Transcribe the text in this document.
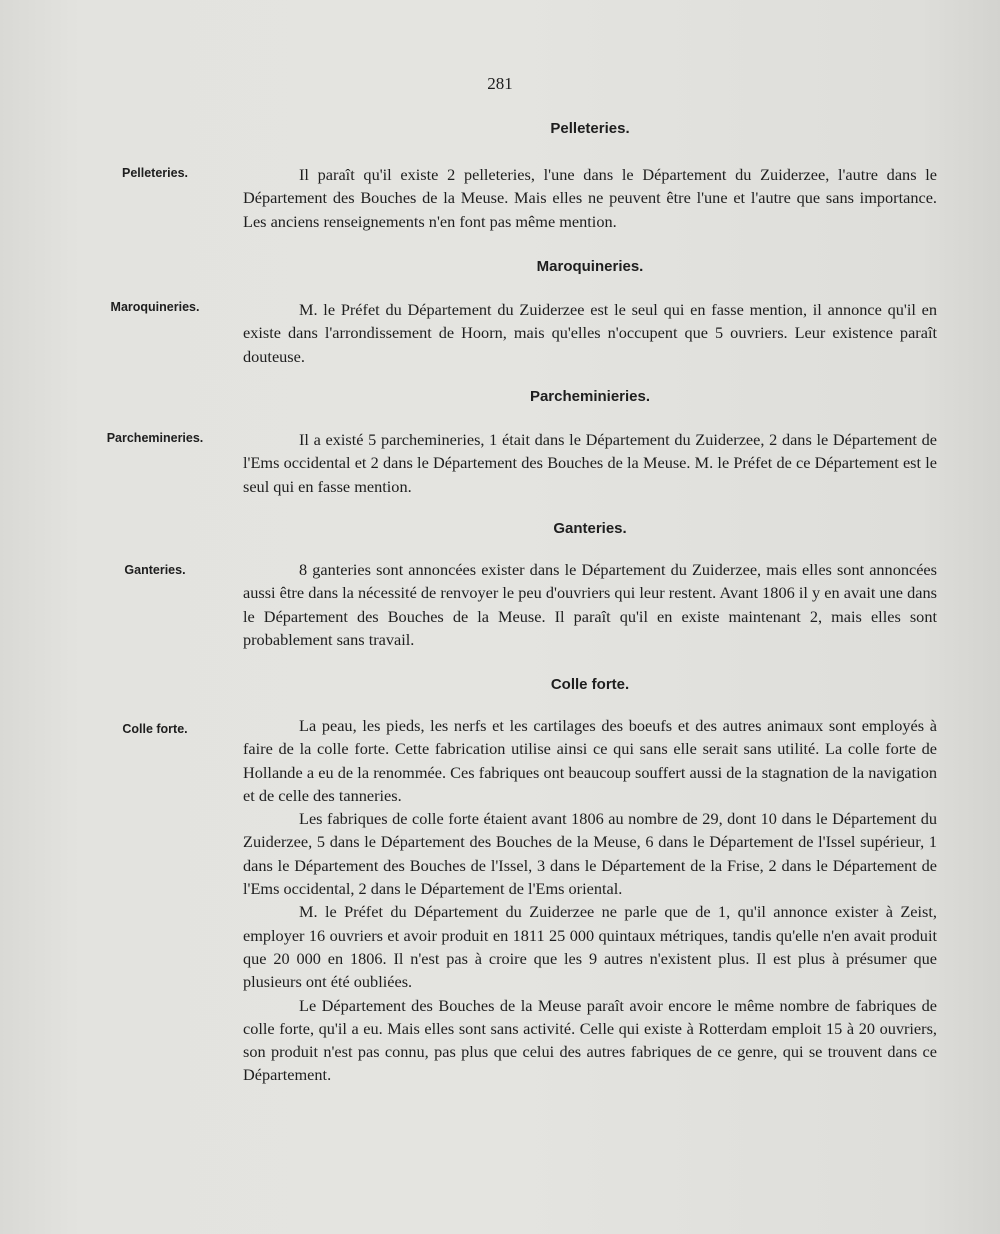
281
Pelleteries.
Pelleteries.	Il paraît qu'il existe 2 pelleteries, l'une dans le Département du Zuiderzee, l'autre dans le Département des Bouches de la Meuse. Mais elles ne peuvent être l'une et l'autre que sans importance. Les anciens renseignements n'en font pas même mention.

Maroquineries.
Maroquineries.	M. le Préfet du Département du Zuiderzee est le seul qui en fasse mention, il annonce qu'il en existe dans l'arrondissement de Hoorn, mais qu'elles n'occupent que 5 ouvriers. Leur existence paraît douteuse.

Parcheminieries.
Parchemineries.	Il a existé 5 parchemineries, 1 était dans le Département du Zuiderzee, 2 dans le Département de l'Ems occidental et 2 dans le Département des Bouches de la Meuse. M. le Préfet de ce Département est le seul qui en fasse mention.

Ganteries.
Ganteries.	8 ganteries sont annoncées exister dans le Département du Zuiderzee, mais elles sont annoncées aussi être dans la nécessité de renvoyer le peu d'ouvriers qui leur restent. Avant 1806 il y en avait une dans le Département des Bouches de la Meuse. Il paraît qu'il en existe maintenant 2, mais elles sont probablement sans travail.

Colle forte.
Colle forte.	La peau, les pieds, les nerfs et les cartilages des boeufs et des autres animaux sont employés à faire de la colle forte. Cette fabrication utilise ainsi ce qui sans elle serait sans utilité. La colle forte de Hollande a eu de la renommée. Ces fabriques ont beaucoup souffert aussi de la stagnation de la navigation et de celle des tanneries.

Les fabriques de colle forte étaient avant 1806 au nombre de 29, dont 10 dans le Département du Zuiderzee, 5 dans le Département des Bouches de la Meuse, 6 dans le Département de l'Issel supérieur, 1 dans le Département des Bouches de l'Issel, 3 dans le Département de la Frise, 2 dans le Département de l'Ems occidental, 2 dans le Département de l'Ems oriental.

M. le Préfet du Département du Zuiderzee ne parle que de 1, qu'il annonce exister à Zeist, employer 16 ouvriers et avoir produit en 1811 25 000 quintaux métriques, tandis qu'elle n'en avait produit que 20 000 en 1806. Il n'est pas à croire que les 9 autres n'existent plus. Il est plus à présumer que plusieurs ont été oubliées.

Le Département des Bouches de la Meuse paraît avoir encore le même nombre de fabriques de colle forte, qu'il a eu. Mais elles sont sans activité. Celle qui existe à Rotterdam emploit 15 à 20 ouvriers, son produit n'est pas connu, pas plus que celui des autres fabriques de ce genre, qui se trouvent dans ce Département.
